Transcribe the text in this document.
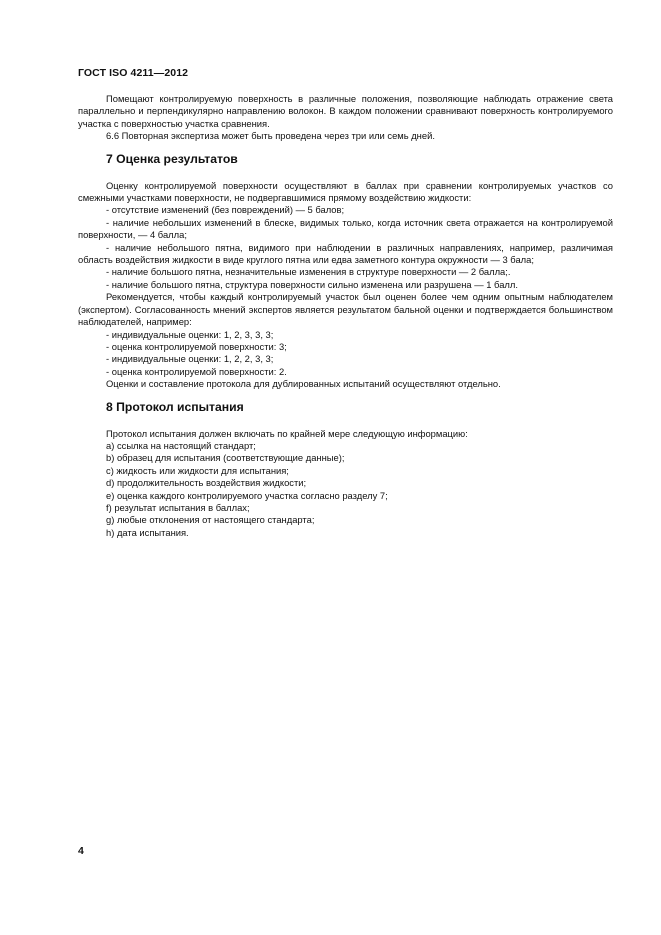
ГОСТ ISO 4211—2012

Помещают контролируемую поверхность в различные положения, позволяющие наблюдать отражение света параллельно и перпендикулярно направлению волокон. В каждом положении сравнивают поверхность контролируемого участка с поверхностью участка сравнения.

6.6 Повторная экспертиза может быть проведена через три или семь дней.

7 Оценка результатов

Оценку контролируемой поверхности осуществляют в баллах при сравнении контролируемых участков со смежными участками поверхности, не подвергавшимися прямому воздействию жидкости:

- отсутствие изменений (без повреждений) — 5 балов;

- наличие небольших изменений в блеске, видимых только, когда источник света отражается на контролируемой поверхности, — 4 балла;

- наличие небольшого пятна, видимого при наблюдении в различных направлениях, например, различимая область воздействия жидкости в виде круглого пятна или едва заметного контура окружности — 3 бала;

- наличие большого пятна, незначительные изменения в структуре поверхности — 2 балла;.

- наличие большого пятна, структура поверхности сильно изменена или разрушена — 1 балл.

Рекомендуется, чтобы каждый контролируемый участок был оценен более чем одним опытным наблюдателем (экспертом). Согласованность мнений экспертов является результатом бальной оценки и подтверждается большинством наблюдателей, например:

- индивидуальные оценки: 1, 2, 3, 3, 3;

- оценка контролируемой поверхности: 3;

- индивидуальные оценки: 1, 2, 2, 3, 3;

- оценка контролируемой поверхности: 2.

Оценки и составление протокола для дублированных испытаний осуществляют отдельно.

8 Протокол испытания

Протокол испытания должен включать по крайней мере следующую информацию:

a) ссылка на настоящий стандарт;
b) образец для испытания (соответствующие данные);
c) жидкость или жидкости для испытания;
d) продолжительность воздействия жидкости;
e) оценка каждого контролируемого участка согласно разделу 7;
f) результат испытания в баллах;
g) любые отклонения от настоящего стандарта;
h) дата испытания.
4
